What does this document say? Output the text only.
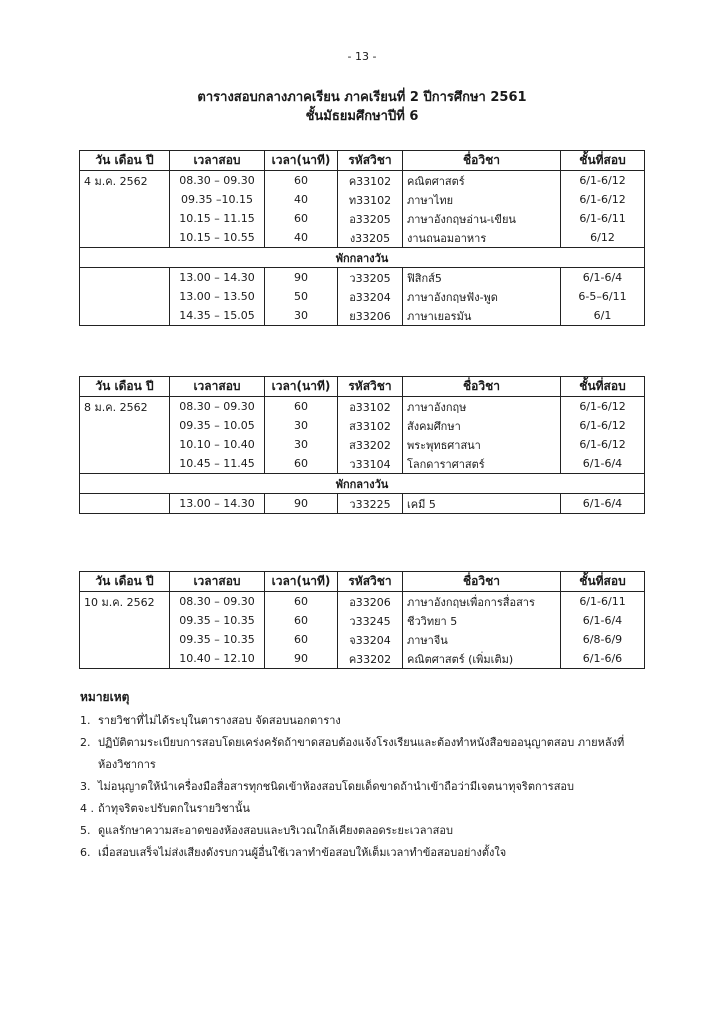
- 13 -
ตารางสอบกลางภาคเรียน ภาคเรียนที่ 2 ปีการศึกษา 2561
ชั้นมัธยมศึกษาปีที่ 6
วัน เดือน ปี	เวลาสอบ	เวลา(นาที)	รหัสวิชา	ชื่อวิชา	ชั้นที่สอบ
4 ม.ค. 2562	08.30 – 09.30	60	ค33102	คณิตศาสตร์	6/1-6/12
	09.35 –10.15	40	ท33102	ภาษาไทย	6/1-6/12
	10.15 – 11.15	60	อ33205	ภาษาอังกฤษอ่าน-เขียน	6/1-6/11
	10.15 – 10.55	40	ง33205	งานถนอมอาหาร	6/12
พักกลางวัน					
	13.00 – 14.30	90	ว33205	ฟิสิกส์5	6/1-6/4
	13.00 – 13.50	50	อ33204	ภาษาอังกฤษฟัง-พูด	6-5–6/11
	14.35 – 15.05	30	ย33206	ภาษาเยอรมัน	6/1
วัน เดือน ปี	เวลาสอบ	เวลา(นาที)	รหัสวิชา	ชื่อวิชา	ชั้นที่สอบ
8 ม.ค. 2562	08.30 – 09.30	60	อ33102	ภาษาอังกฤษ	6/1-6/12
	09.35 – 10.05	30	ส33102	สังคมศึกษา	6/1-6/12
	10.10 – 10.40	30	ส33202	พระพุทธศาสนา	6/1-6/12
	10.45 – 11.45	60	ว33104	โลกดาราศาสตร์	6/1-6/4
พักกลางวัน					
	13.00 – 14.30	90	ว33225	เคมี 5	6/1-6/4
วัน เดือน ปี	เวลาสอบ	เวลา(นาที)	รหัสวิชา	ชื่อวิชา	ชั้นที่สอบ
10 ม.ค. 2562	08.30 – 09.30	60	อ33206	ภาษาอังกฤษเพื่อการสื่อสาร	6/1-6/11
	09.35 – 10.35	60	ว33245	ชีววิทยา 5	6/1-6/4
	09.35 – 10.35	60	จ33204	ภาษาจีน	6/8-6/9
	10.40 – 12.10	90	ค33202	คณิตศาสตร์ (เพิ่มเติม)	6/1-6/6
หมายเหตุ
1. รายวิชาที่ไม่ได้ระบุในตารางสอบ จัดสอบนอกตาราง
2. ปฏิบัติตามระเบียบการสอบโดยเคร่งครัดถ้าขาดสอบต้องแจ้งโรงเรียนและต้องทำหนังสือขออนุญาตสอบ ภายหลังที่ห้องวิชาการ
3. ไม่อนุญาตให้นำเครื่องมือสื่อสารทุกชนิดเข้าห้องสอบโดยเด็ดขาดถ้านำเข้าถือว่ามีเจตนาทุจริตการสอบ
4 . ถ้าทุจริตจะปรับตกในรายวิชานั้น
5. ดูแลรักษาความสะอาดของห้องสอบและบริเวณใกล้เคียงตลอดระยะเวลาสอบ
6. เมื่อสอบเสร็จไม่ส่งเสียงดังรบกวนผู้อื่นใช้เวลาทำข้อสอบให้เต็มเวลาทำข้อสอบอย่างตั้งใจ
